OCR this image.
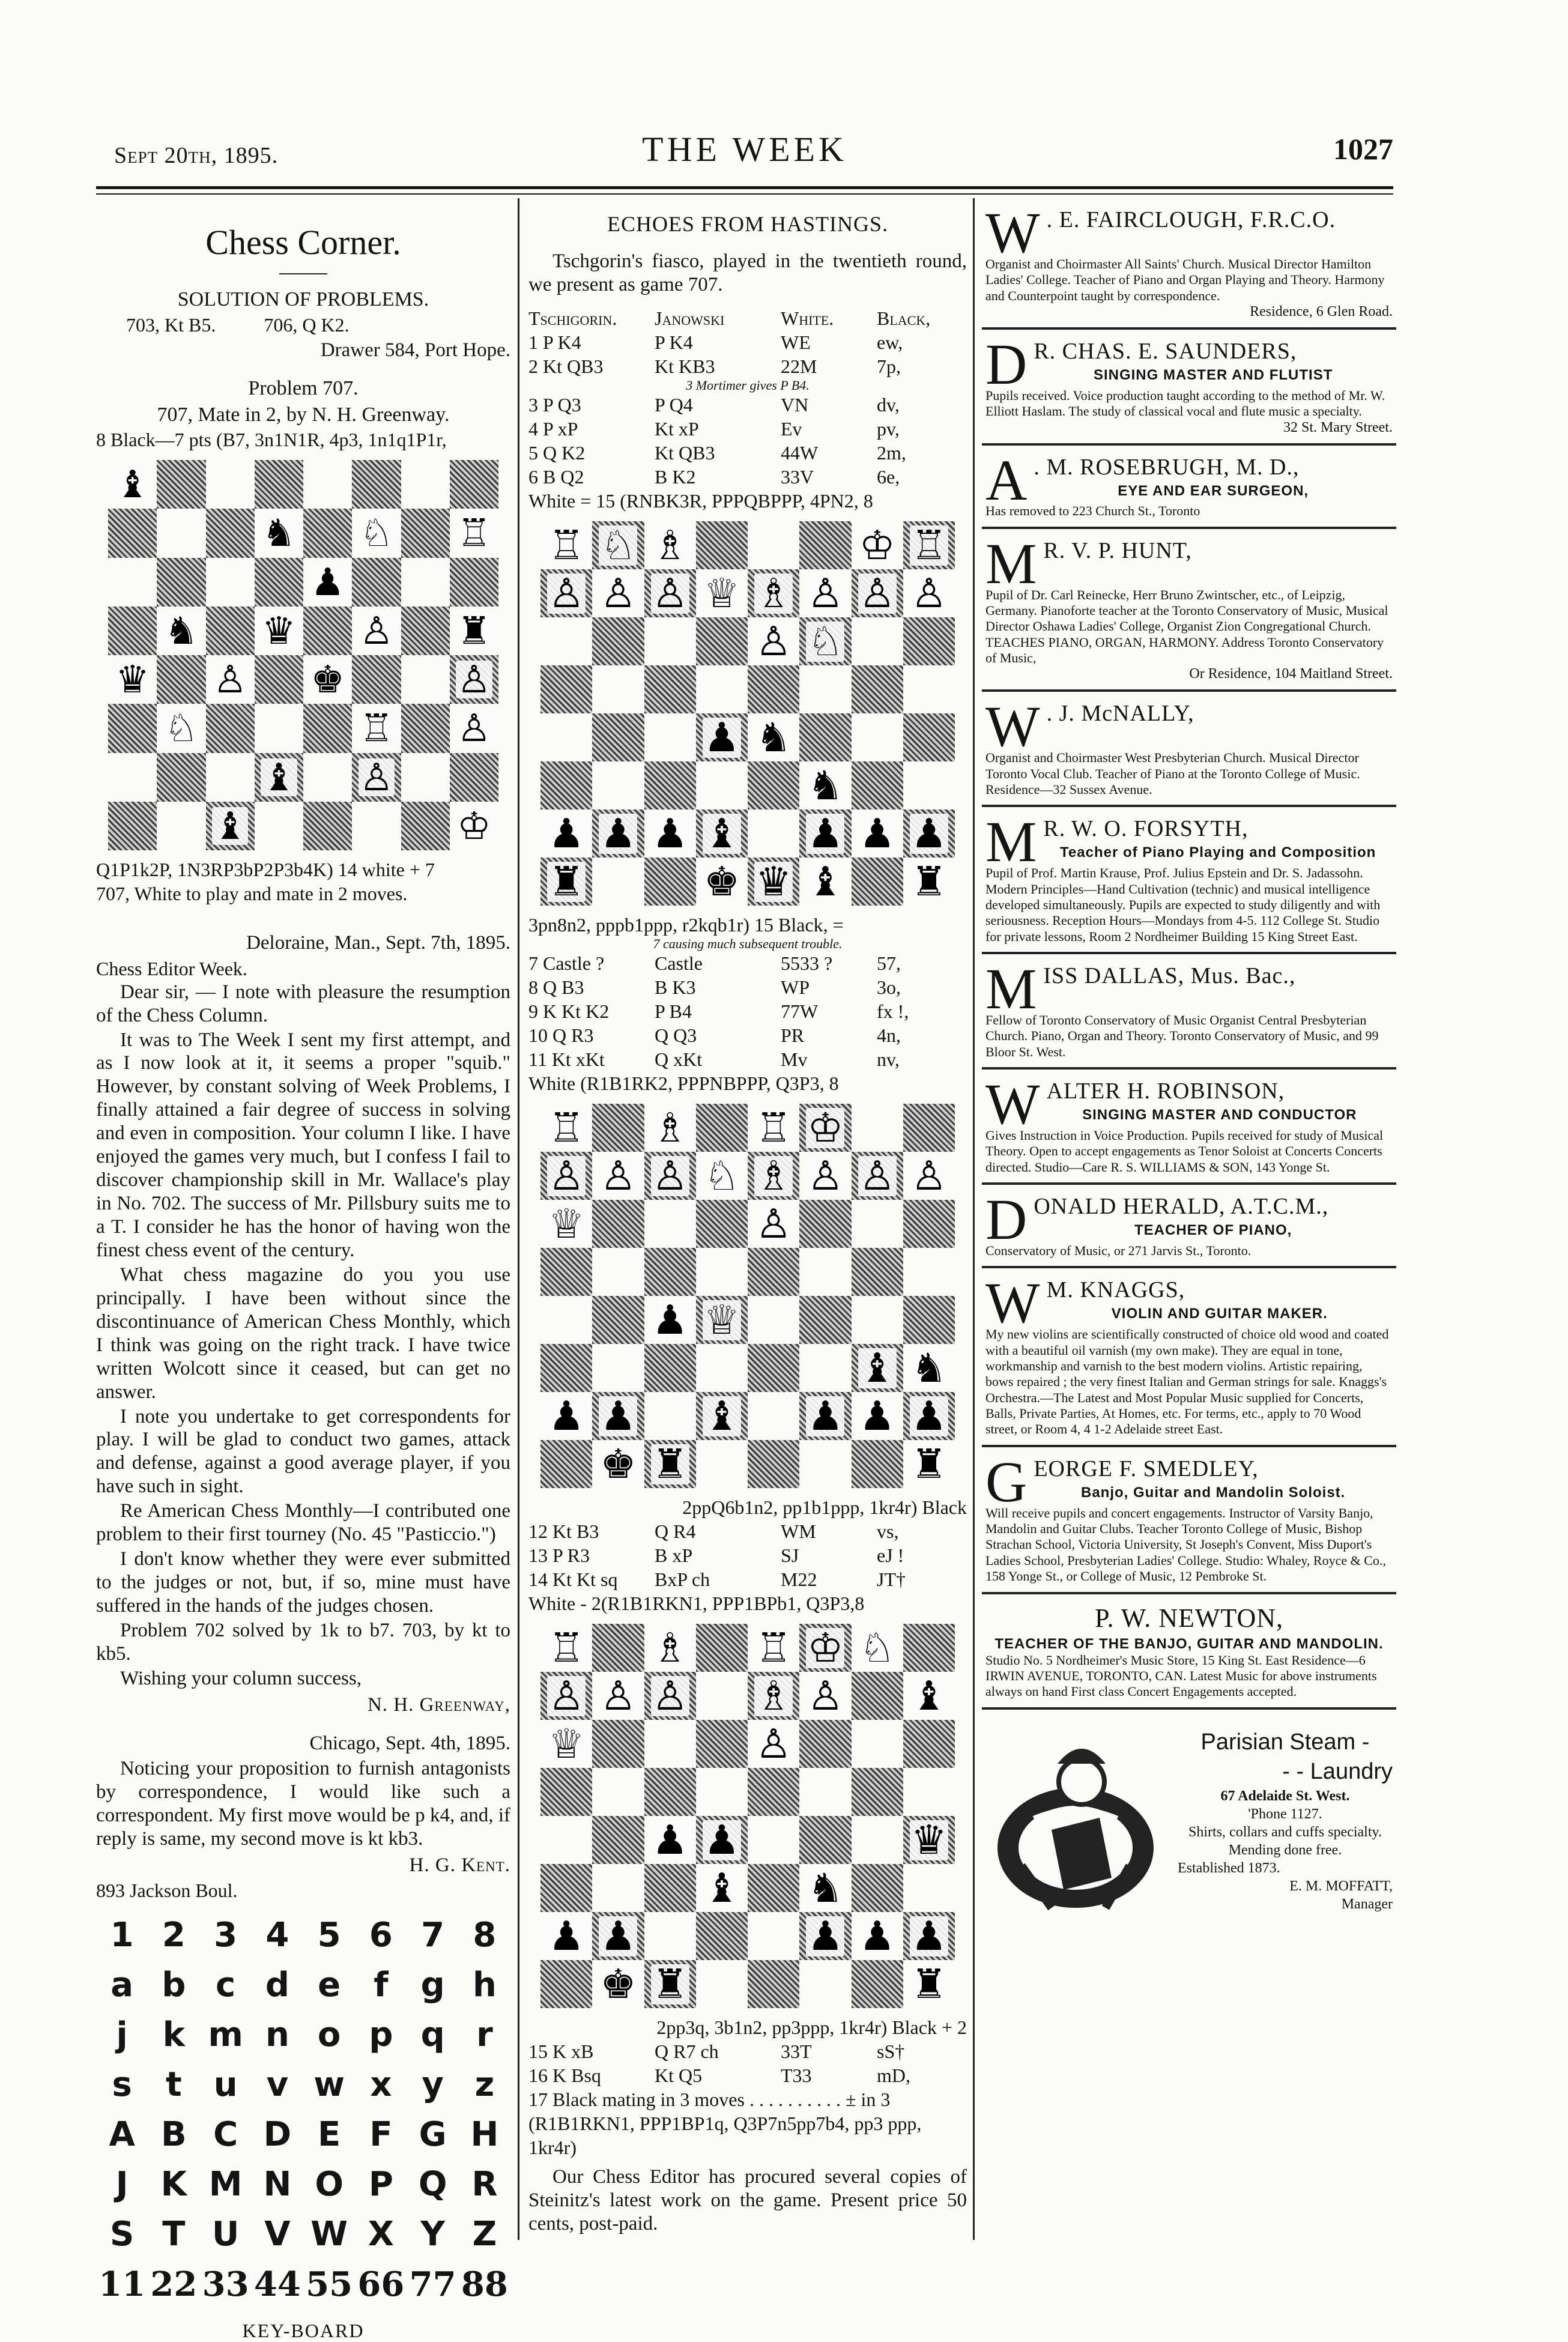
Sept 20th, 1895.	THE WEEK	1027
Chess Corner.
SOLUTION OF PROBLEMS.
703, Kt B5.          706, Q K2.
Drawer 584, Port Hope.
Problem 707.
707, Mate in 2, by N. H. Greenway.
8 Black—7 pts (B7, 3n1N1R, 4p3, 1n1q1P1r,
♝
♞ ♘ ♖
♟
♞ ♛ ♙ ♜
♛ ♙ ♚	♙
♘	♖ ♙
♝ ♙
♝	♔
Q1P1k2P, 1N3RP3bP2P3b4K) 14 white + 7
707, White to play and mate in 2 moves.
Deloraine, Man., Sept. 7th, 1895.
Chess Editor Week.

Dear sir, — I note with pleasure the resumption of the Chess Column.

It was to The Week I sent my first attempt, and as I now look at it, it seems a proper "squib." However, by constant solving of Week Problems, I finally attained a fair degree of success in solving and even in composition. Your column I like. I have enjoyed the games very much, but I confess I fail to discover championship skill in Mr. Wallace's play in No. 702. The success of Mr. Pillsbury suits me to a T. I consider he has the honor of having won the finest chess event of the century.

What chess magazine do you you use principally. I have been without since the discontinuance of American Chess Monthly, which I think was going on the right track. I have twice written Wolcott since it ceased, but can get no answer.

I note you undertake to get correspondents for play. I will be glad to conduct two games, attack and defense, against a good average player, if you have such in sight.

Re American Chess Monthly—I contributed one problem to their first tourney (No. 45 "Pasticcio.")

I don't know whether they were ever submitted to the judges or not, but, if so, mine must have suffered in the hands of the judges chosen.

Problem 702 solved by 1k to b7. 703, by kt to kb5.

Wishing your column success,

N. H. Greenway,
Chicago, Sept. 4th, 1895.

Noticing your proposition to furnish antagonists by correspondence, I would like such a correspondent. My first move would be p k4, and, if reply is same, my second move is kt kb3.

H. G. Kent.
893 Jackson Boul.
1 2 3 4 5 6 7 8
a b c d e f g h
j	k m n o p q r
s	t u v w x y z
A B C D E F G H
J K M N O P Q R
S T U V W X Y Z
11 22 33 44 55 66 77 88
KEY-BOARD
ECHOES FROM HASTINGS.

Tschgorin's fiasco, played in the twentieth round, we present as game 707.

Tschigorin.	Janowski	White.	Black,
1 P K4	P K4	WE	ew,
2 Kt QB3	Kt KB3	22M	7p,
3 Mortimer gives P B4.
3 P Q3	P Q4	VN	dv,
4 P xP	Kt xP	Ev	pv,
5 Q K2	Kt QB3	44W	2m,
6 B Q2	B K2	33V	6e,
White = 15 (RNBK3R, PPPQBPPP, 4PN2, 8
♖ ♘ ♗	♔ ♖
♙ ♙ ♙ ♕ ♗ ♙ ♙ ♙
♙ ♘
♟ ♞
♞
♟ ♟ ♟ ♝ ♟ ♟ ♟
♜	♚ ♛ ♝ ♜
3pn8n2, pppb1ppp, r2kqb1r) 15 Black, =
7 causing much subsequent trouble.
7 Castle ?	Castle	5533 ?	57,
8 Q B3	B K3	WP	3o,
9 K Kt K2	P B4	77W	fx !,
10 Q R3	Q Q3	PR	4n,
11 Kt xKt	Q xKt	Mv	nv,
White (R1B1RK2, PPPNBPPP, Q3P3, 8
♖ ♗ ♖ ♔
♙ ♙ ♙ ♘ ♗ ♙ ♙ ♙
♕	♙
♟ ♕
♝ ♞
♟ ♟ ♝ ♟ ♟ ♟
♚ ♜	♜
2ppQ6b1n2, pp1b1ppp, 1kr4r) Black
12 Kt B3	Q R4	WM	vs,
13 P R3	B xP	SJ	eJ !
14 Kt Kt sq	BxP ch	M22	JT†
White - 2(R1B1RKN1, PPP1BPb1, Q3P3,8
♖ ♗ ♖ ♔ ♘
♙ ♙ ♙ ♗ ♙ ♝
♕	♙
♟ ♟	♛
♝ ♞
♟ ♟	♟ ♟ ♟
♚ ♜	♜
2pp3q, 3b1n2, pp3ppp, 1kr4r) Black + 2
15 K xB	Q R7 ch	33T	sS†
16 K Bsq	Kt Q5	T33	mD,
17 Black mating in 3 moves . . . . . . . . . . ± in 3
(R1B1RKN1, PPP1BP1q, Q3P7n5pp7b4, pp3 ppp, 1kr4r)

Our Chess Editor has procured several copies of Steinitz's latest work on the game. Present price 50 cents, post-paid.

W . E. FAIRCLOUGH, F.R.C.O.
Organist and Choirmaster All Saints' Church. Musical Director Hamilton Ladies' College. Teacher of Piano and Organ Playing and Theory. Harmony and Counterpoint taught by correspondence.
Residence, 6 Glen Road.
D R. CHAS. E. SAUNDERS,
SINGING MASTER AND FLUTIST
Pupils received. Voice production taught according to the method of Mr. W. Elliott Haslam. The study of classical vocal and flute music a specialty.
32 St. Mary Street.
A . M. ROSEBRUGH, M. D.,
EYE AND EAR SURGEON,
Has removed to 223 Church St., Toronto
M R. V. P. HUNT,
Pupil of Dr. Carl Reinecke, Herr Bruno Zwintscher, etc., of Leipzig, Germany. Pianoforte teacher at the Toronto Conservatory of Music, Musical Director Oshawa Ladies' College, Organist Zion Congregational Church. TEACHES PIANO, ORGAN, HARMONY. Address Toronto Conservatory of Music,
Or Residence, 104 Maitland Street.
W . J. McNALLY,
Organist and Choirmaster West Presbyterian Church. Musical Director Toronto Vocal Club. Teacher of Piano at the Toronto College of Music. Residence—32 Sussex Avenue.
M R. W. O. FORSYTH,
Teacher of Piano Playing and Composition
Pupil of Prof. Martin Krause, Prof. Julius Epstein and Dr. S. Jadassohn. Modern Principles—Hand Cultivation (technic) and musical intelligence developed simultaneously. Pupils are expected to study diligently and with seriousness. Reception Hours—Mondays from 4-5. 112 College St. Studio for private lessons, Room 2 Nordheimer Building 15 King Street East.
MISS DALLAS, Mus. Bac.,
Fellow of Toronto Conservatory of Music Organist Central Presbyterian Church. Piano, Organ and Theory. Toronto Conservatory of Music, and 99 Bloor St. West.
WALTER H. ROBINSON,
SINGING MASTER AND CONDUCTOR
Gives Instruction in Voice Production. Pupils received for study of Musical Theory. Open to accept engagements as Tenor Soloist at Concerts Concerts directed. Studio—Care R. S. WILLIAMS & SON, 143 Yonge St.
DONALD HERALD, A.T.C.M.,
TEACHER OF PIANO,
Conservatory of Music, or 271 Jarvis St., Toronto.
W M. KNAGGS,
VIOLIN AND GUITAR MAKER.
My new violins are scientifically constructed of choice old wood and coated with a beautiful oil varnish (my own make). They are equal in tone, workmanship and varnish to the best modern violins. Artistic repairing, bows repaired ; the very finest Italian and German strings for sale. Knaggs's Orchestra.—The Latest and Most Popular Music supplied for Concerts, Balls, Private Parties, At Homes, etc. For terms, etc., apply to 70 Wood street, or Room 4, 4 1-2 Adelaide street East.
GEORGE F. SMEDLEY,
Banjo, Guitar and Mandolin Soloist.
Will receive pupils and concert engagements. Instructor of Varsity Banjo, Mandolin and Guitar Clubs. Teacher Toronto College of Music, Bishop Strachan School, Victoria University, St Joseph's Convent, Miss Duport's Ladies School, Presbyterian Ladies' College. Studio: Whaley, Royce & Co., 158 Yonge St., or College of Music, 12 Pembroke St.
P. W. NEWTON,
TEACHER OF THE BANJO, GUITAR AND MANDOLIN.
Studio No. 5 Nordheimer's Music Store, 15 King St. East Residence—6 IRWIN AVENUE, TORONTO, CAN. Latest Music for above instruments always on hand First class Concert Engagements accepted.
Parisian Steam -
- - Laundry
67 Adelaide St. West.
'Phone 1127.
Shirts, collars and cuffs specialty. Mending done free.
Established 1873.
E. M. MOFFATT,
Manager
